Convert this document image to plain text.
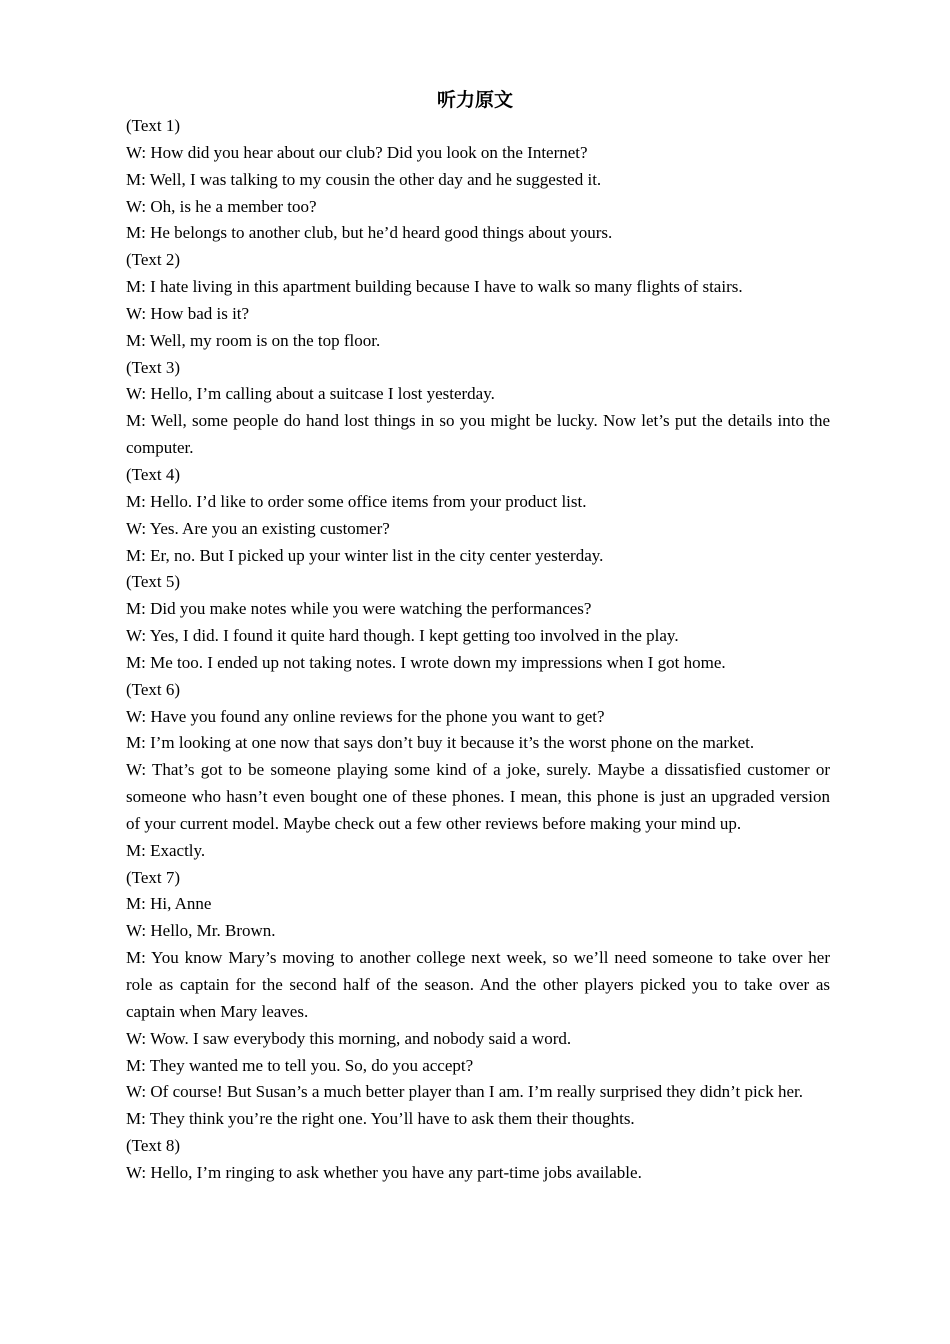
听力原文

(Text 1)

W: How did you hear about our club? Did you look on the Internet?

M: Well, I was talking to my cousin the other day and he suggested it.

W: Oh, is he a member too?

M: He belongs to another club, but he’d heard good things about yours.

(Text 2)

M: I hate living in this apartment building because I have to walk so many flights of stairs.

W: How bad is it?

M: Well, my room is on the top floor.

(Text 3)

W: Hello, I’m calling about a suitcase I lost yesterday.

M: Well, some people do hand lost things in so you might be lucky. Now let’s put the details into the computer.

(Text 4)

M: Hello. I’d like to order some office items from your product list.

W: Yes. Are you an existing customer?

M: Er, no. But I picked up your winter list in the city center yesterday.

(Text 5)

M: Did you make notes while you were watching the performances?

W: Yes, I did. I found it quite hard though. I kept getting too involved in the play.

M: Me too. I ended up not taking notes. I wrote down my impressions when I got home.

(Text 6)

W: Have you found any online reviews for the phone you want to get?

M: I’m looking at one now that says don’t buy it because it’s the worst phone on the market.

W: That’s got to be someone playing some kind of a joke, surely. Maybe a dissatisfied customer or someone who hasn’t even bought one of these phones. I mean, this phone is just an upgraded version of your current model. Maybe check out a few other reviews before making your mind up.

M: Exactly.

(Text 7)

M: Hi, Anne

W: Hello, Mr. Brown.

M: You know Mary’s moving to another college next week, so we’ll need someone to take over her role as captain for the second half of the season. And the other players picked you to take over as captain when Mary leaves.

W: Wow. I saw everybody this morning, and nobody said a word.

M: They wanted me to tell you. So, do you accept?

W: Of course! But Susan’s a much better player than I am. I’m really surprised they didn’t pick her.

M: They think you’re the right one. You’ll have to ask them their thoughts.

(Text 8)

W: Hello, I’m ringing to ask whether you have any part-time jobs available.
